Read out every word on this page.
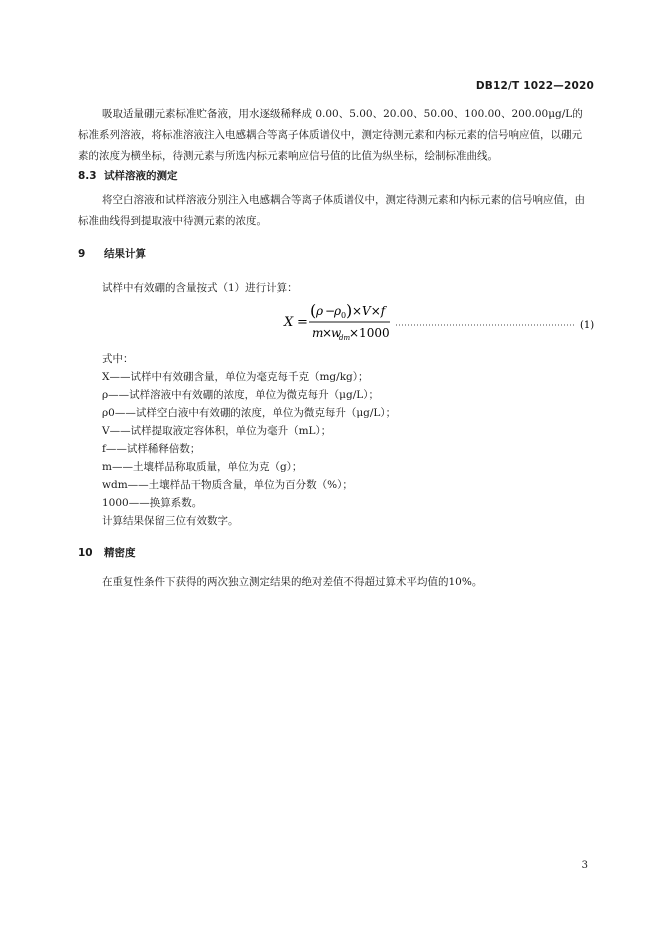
DB12/T 1022—2020

吸取适量硼元素标准贮备液，用水逐级稀释成 0.00、5.00、20.00、50.00、100.00、200.00μg/L的标准系列溶液，将标准溶液注入电感耦合等离子体质谱仪中，测定待测元素和内标元素的信号响应值，以硼元素的浓度为横坐标，待测元素与所选内标元素响应信号值的比值为纵坐标，绘制标准曲线。

8.3 试样溶液的测定

将空白溶液和试样溶液分别注入电感耦合等离子体质谱仪中，测定待测元素和内标元素的信号响应值，由标准曲线得到提取液中待测元素的浓度。

9 结果计算

试样中有效硼的含量按式（1）进行计算：

X =
( ρ −
ρ 0 ) ×V×f
m
×
w
dm
×1000
(1)
式中：
X——试样中有效硼含量，单位为毫克每千克（mg/kg）；
ρ——试样溶液中有效硼的浓度，单位为微克每升（μg/L）；
ρ0——试样空白液中有效硼的浓度，单位为微克每升（μg/L）；
V——试样提取液定容体积，单位为毫升（mL）；
f——试样稀释倍数；
m——土壤样品称取质量，单位为克（g）；
wdm——土壤样品干物质含量，单位为百分数（%）；
1000——换算系数。
计算结果保留三位有效数字。
10 精密度

在重复性条件下获得的两次独立测定结果的绝对差值不得超过算术平均值的10%。

3
